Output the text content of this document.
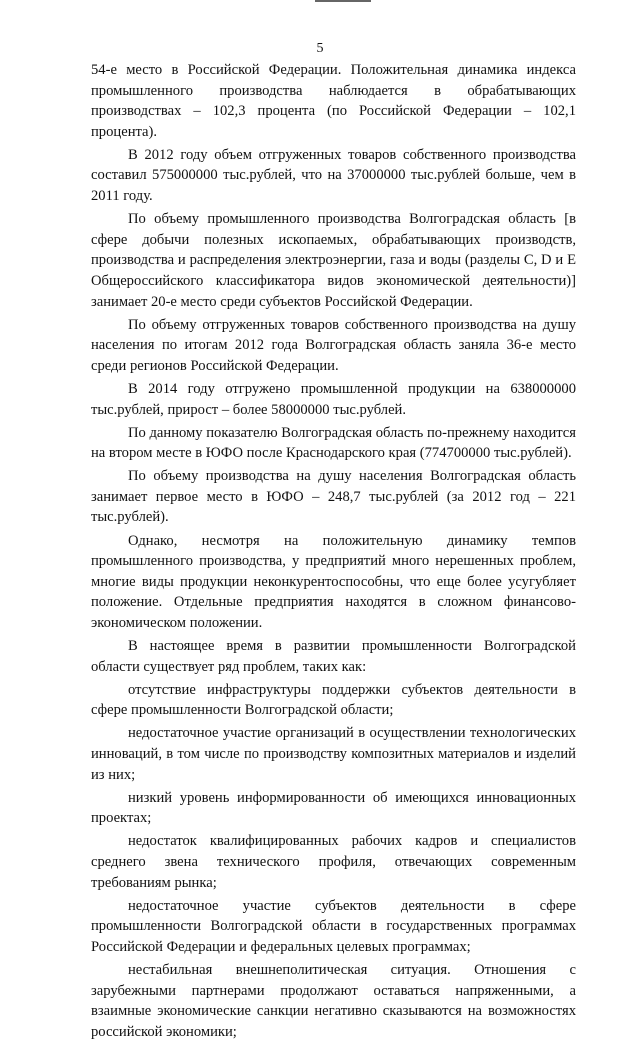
5

54-е место в Российской Федерации. Положительная динамика индекса промышленного производства наблюдается в обрабатывающих производствах – 102,3 процента (по Российской Федерации – 102,1 процента).

В 2012 году объем отгруженных товаров собственного производства составил 575000000 тыс.рублей, что на 37000000 тыс.рублей больше, чем в 2011 году.

По объему промышленного производства Волгоградская область [в сфере добычи полезных ископаемых, обрабатывающих производств, производства и распределения электроэнергии, газа и воды (разделы C, D и E Общероссийского классификатора видов экономической деятельности)] занимает 20-е место среди субъектов Российской Федерации.

По объему отгруженных товаров собственного производства на душу населения по итогам 2012 года Волгоградская область заняла 36-е место среди регионов Российской Федерации.

В 2014 году отгружено промышленной продукции на 638000000 тыс.рублей, прирост – более 58000000 тыс.рублей.

По данному показателю Волгоградская область по-прежнему находится на втором месте в ЮФО после Краснодарского края (774700000 тыс.рублей).

По объему производства на душу населения Волгоградская область занимает первое место в ЮФО – 248,7 тыс.рублей (за 2012 год – 221 тыс.рублей).

Однако, несмотря на положительную динамику темпов промышленного производства, у предприятий много нерешенных проблем, многие виды продукции неконкурентоспособны, что еще более усугубляет положение. Отдельные предприятия находятся в сложном финансово-экономическом положении.

В настоящее время в развитии промышленности Волгоградской области существует ряд проблем, таких как:

отсутствие инфраструктуры поддержки субъектов деятельности в сфере промышленности Волгоградской области;

недостаточное участие организаций в осуществлении технологических инноваций, в том числе по производству композитных материалов и изделий из них;

низкий уровень информированности об имеющихся инновационных проектах;

недостаток квалифицированных рабочих кадров и специалистов среднего звена технического профиля, отвечающих современным требованиям рынка;

недостаточное участие субъектов деятельности в сфере промышленности Волгоградской области в государственных программах Российской Федерации и федеральных целевых программах;

нестабильная внешнеполитическая ситуация. Отношения с зарубежными партнерами продолжают оставаться напряженными, а взаимные экономические санкции негативно сказываются на возможностях российской экономики;
